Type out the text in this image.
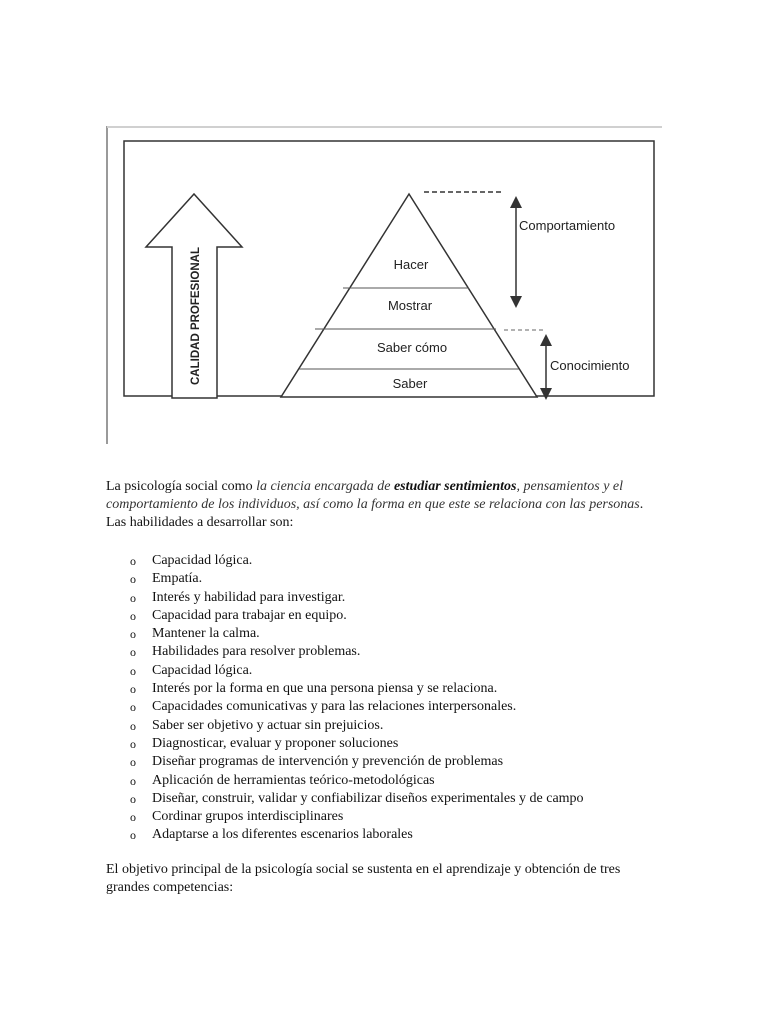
CALIDAD PROFESIONAL	Hacer
Mostrar
Saber cómo
Saber
Comportamiento
Conocimiento

La psicología social como la ciencia encargada de estudiar sentimientos, pensamientos y el comportamiento de los individuos, así como la forma en que este se relaciona con las personas.

Las habilidades a desarrollar son:

o Capacidad lógica.
o Empatía.
o Interés y habilidad para investigar.
o Capacidad para trabajar en equipo.
o Mantener la calma.
o Habilidades para resolver problemas.
o Capacidad lógica.
o Interés por la forma en que una persona piensa y se relaciona.
o Capacidades comunicativas y para las relaciones interpersonales.
o Saber ser objetivo y actuar sin prejuicios.
o Diagnosticar, evaluar y proponer soluciones
o Diseñar programas de intervención y prevención de problemas
o Aplicación de herramientas teórico-metodológicas
o Diseñar, construir, validar y confiabilizar diseños experimentales y de campo
o Cordinar grupos interdisciplinares
o Adaptarse a los diferentes escenarios laborales

El objetivo principal de la psicología social se sustenta en el aprendizaje y obtención de tres grandes competencias:
